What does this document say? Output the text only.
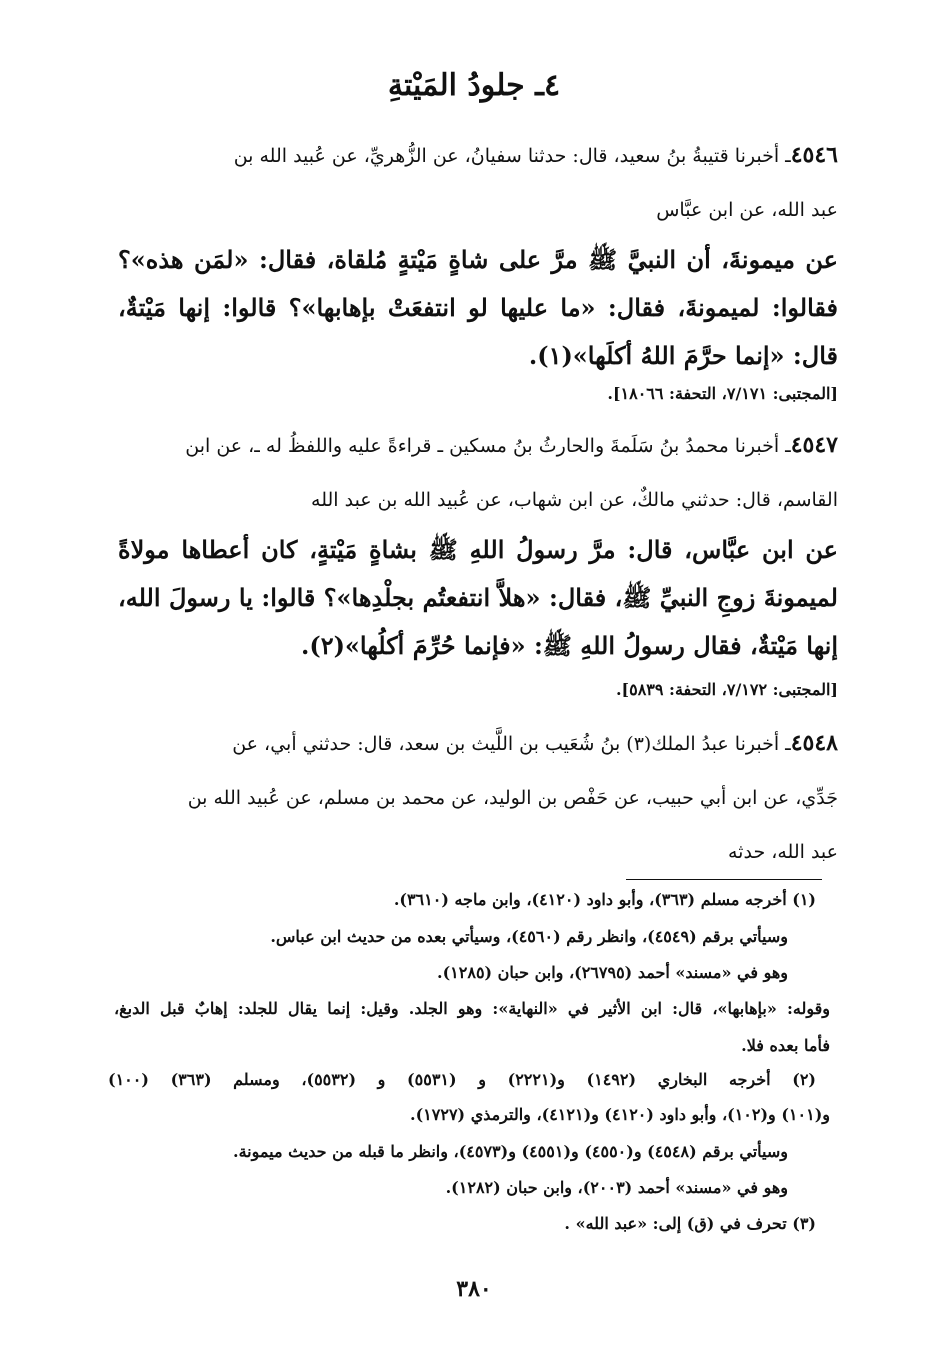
٤ـ جلودُ المَيْتةِ
٤٥٤٦ـ أخبرنا قتيبةُ بنُ سعيد، قال: حدثنا سفيانُ، عن الزُّهريِّ، عن عُبيد الله بن
عبد الله، عن ابن عبَّاس
عن ميمونةَ، أن النبيَّ ﷺ مرَّ على شاةٍ مَيْتةٍ مُلقاة، فقال: «لمَن هذه»؟ فقالوا: لميمونةَ، فقال: «ما عليها لو انتفعَتْ بإهابها»؟ قالوا: إنها مَيْتةٌ، قال: «إنما حرَّمَ اللهُ أكلَها»(١).
[المجتبى: ٧/١٧١، التحفة: ١٨٠٦٦].
٤٥٤٧ـ أخبرنا محمدُ بنُ سَلَمةَ والحارثُ بنُ مسكين ـ قراءةً عليه واللفظُ له ـ، عن ابن
القاسم، قال: حدثني مالكٌ، عن ابن شهاب، عن عُبيد الله بن عبد الله
عن ابن عبَّاس، قال: مرَّ رسولُ اللهِ ﷺ بشاةٍ مَيْتةٍ، كان أعطاها مولاةً لميمونةَ زوجِ النبيِّ ﷺ، فقال: «هلاَّ انتفعتُم بجلْدِها»؟ قالوا: يا رسولَ الله، إنها مَيْتةٌ، فقال رسولُ اللهِ ﷺ: «فإنما حُرِّمَ أكلُها»(٢).
[المجتبى: ٧/١٧٢، التحفة: ٥٨٣٩].
٤٥٤٨ـ أخبرنا عبدُ الملك(٣) بنُ شُعَيب بن اللَّيث بن سعد، قال: حدثني أبي، عن
جَدِّي، عن ابن أبي حبيب، عن حَفْص بن الوليد، عن محمد بن مسلم، عن عُبيد الله بن
عبد الله، حدثه
(١) أخرجه مسلم (٣٦٣)، وأبو داود (٤١٢٠)، وابن ماجه (٣٦١٠).
وسيأتي برقم (٤٥٤٩)، وانظر رقم (٤٥٦٠)، وسيأتي بعده من حديث ابن عباس.
وهو في «مسند» أحمد (٢٦٧٩٥)، وابن حبان (١٢٨٥).
وقوله: «بإهابها»، قال: ابن الأثير في «النهاية»: وهو الجلد. وقيل: إنما يقال للجلد: إهابٌ قبل الدبغ،
فأما بعده فلا.
(٢) أخرجه البخاري (١٤٩٢) و(٢٢٢١) و (٥٥٣١) و (٥٥٣٢)، ومسلم (٣٦٣) (١٠٠)
و(١٠١) و(١٠٢)، وأبو داود (٤١٢٠) و(٤١٢١)، والترمذي (١٧٢٧).
وسيأتي برقم (٤٥٤٨) و(٤٥٥٠) و(٤٥٥١) و(٤٥٧٣)، وانظر ما قبله من حديث ميمونة.
وهو في «مسند» أحمد (٢٠٠٣)، وابن حبان (١٢٨٢).
(٣) تحرف في (ق) إلى: «عبد الله» .
٣٨٠
